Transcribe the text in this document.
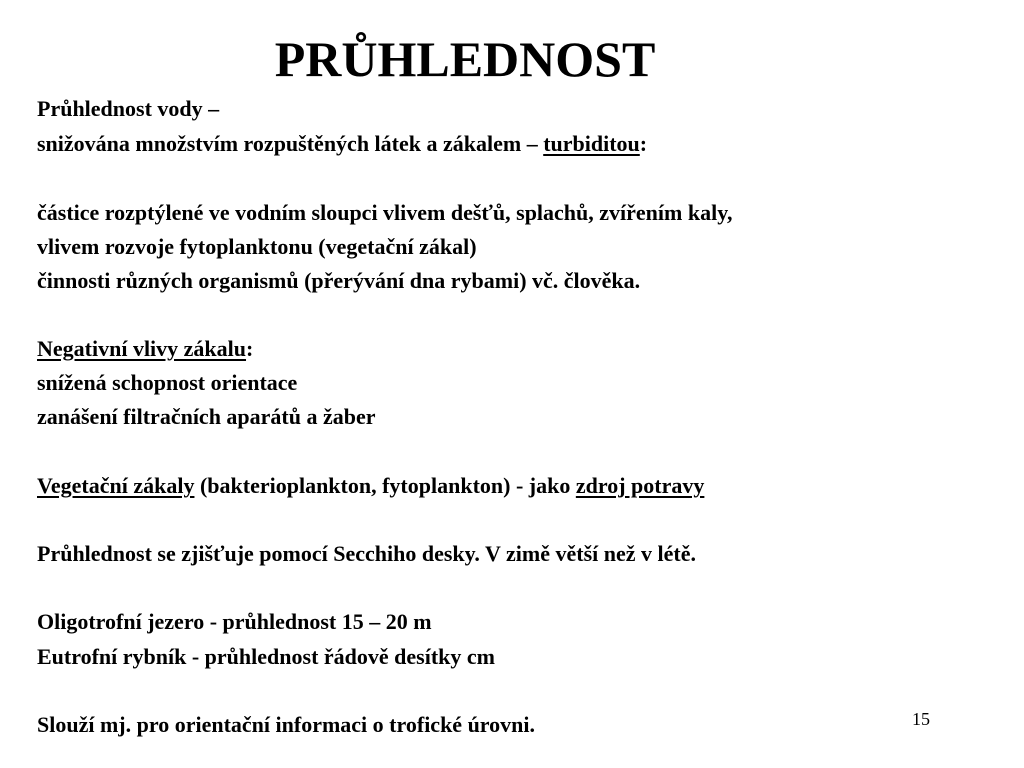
PRŮHLEDNOST
Průhlednost vody –
snižována množstvím rozpuštěných látek a zákalem – turbiditou:
částice rozptýlené ve vodním sloupci vlivem dešťů, splachů, zvířením kaly,
vlivem rozvoje fytoplanktonu (vegetační zákal)
činnosti různých organismů (přerývání dna rybami) vč. člověka.
Negativní vlivy zákalu:
snížená schopnost orientace
zanášení filtračních aparátů a žaber
Vegetační zákaly (bakterioplankton, fytoplankton) - jako zdroj potravy
Průhlednost se zjišťuje pomocí Secchiho desky. V zimě větší než v létě.
Oligotrofní jezero - průhlednost 15 – 20 m
Eutrofní rybník - průhlednost řádově desítky cm
Slouží mj. pro orientační informaci o trofické úrovni.	15
